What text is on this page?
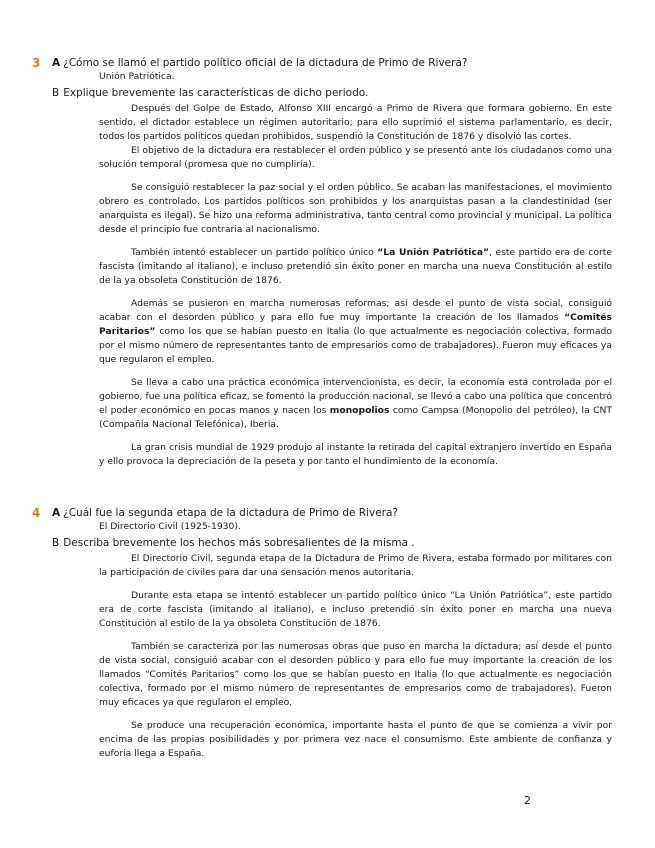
3 A ¿Cómo se llamó el partido político oficial de la dictadura de Primo de Rivera?
Unión Patriótica.
B Explique brevemente las características de dicho periodo.

Después del Golpe de Estado, Alfonso XIII encargó a Primo de Rivera que formara gobierno. En este sentido, el dictador establece un régimen autoritario; para ello suprimió el sistema parlamentario, es decir, todos los partidos políticos quedan prohibidos, suspendió la Constitución de 1876 y disolvió las cortes.

El objetivo de la dictadura era restablecer el orden público y se presentó ante los ciudadanos como una solución temporal (promesa que no cumpliría).

Se consiguió restablecer la paz social y el orden público. Se acaban las manifestaciones, el movimiento obrero es controlado. Los partidos políticos son prohibidos y los anarquistas pasan a la clandestinidad (ser anarquista es ilegal). Se hizo una reforma administrativa, tanto central como provincial y municipal. La política desde el principio fue contraria al nacionalismo.

También intentó establecer un partido político único “La Unión Patriótica”, este partido era de corte fascista (imitando al italiano), e incluso pretendió sin éxito poner en marcha una nueva Constitución al estilo de la ya obsoleta Constitución de 1876.

Además se pusieron en marcha numerosas reformas; así desde el punto de vista social, consiguió acabar con el desorden público y para ello fue muy importante la creación de los llamados “Comités Paritarios” como los que se habían puesto en Italia (lo que actualmente es negociación colectiva, formado por el mismo número de representantes tanto de empresarios como de trabajadores). Fueron muy eficaces ya que regularon el empleo.

Se lleva a cabo una práctica económica intervencionista, es decir, la economía está controlada por el gobierno, fue una política eficaz, se fomentó la producción nacional, se llevó a cabo una política que concentró el poder económico en pocas manos y nacen los monopolios como Campsa (Monopolio del petróleo), la CNT (Compañía Nacional Telefónica), Iberia.

La gran crisis mundial de 1929 produjo al instante la retirada del capital extranjero invertido en España y ello provoca la depreciación de la peseta y por tanto el hundimiento de la economía.

4 A ¿Cuál fue la segunda etapa de la dictadura de Primo de Rivera?
El Directorio Civil (1925-1930).
B Describa brevemente los hechos más sobresalientes de la misma .

El Directorio Civil, segunda etapa de la Dictadura de Primo de Rivera, estaba formado por militares con la participación de civiles para dar una sensación menos autoritaria.

Durante esta etapa se intentó establecer un partido político único “La Unión Patriótica”, este partido era de corte fascista (imitando al italiano), e incluso pretendió sin éxito poner en marcha una nueva Constitución al estilo de la ya obsoleta Constitución de 1876.

También se caracteriza por las numerosas obras que puso en marcha la dictadura; así desde el punto de vista social, consiguió acabar con el desorden público y para ello fue muy importante la creación de los llamados “Comités Paritarios” como los que se habían puesto en Italia (lo que actualmente es negociación colectiva, formado por el mismo número de representantes de empresarios como de trabajadores). Fueron muy eficaces ya que regularon el empleo.

Se produce una recuperación económica, importante hasta el punto de que se comienza a vivir por encima de las propias posibilidades y por primera vez nace el consumismo. Este ambiente de confianza y euforia llega a España.

2
